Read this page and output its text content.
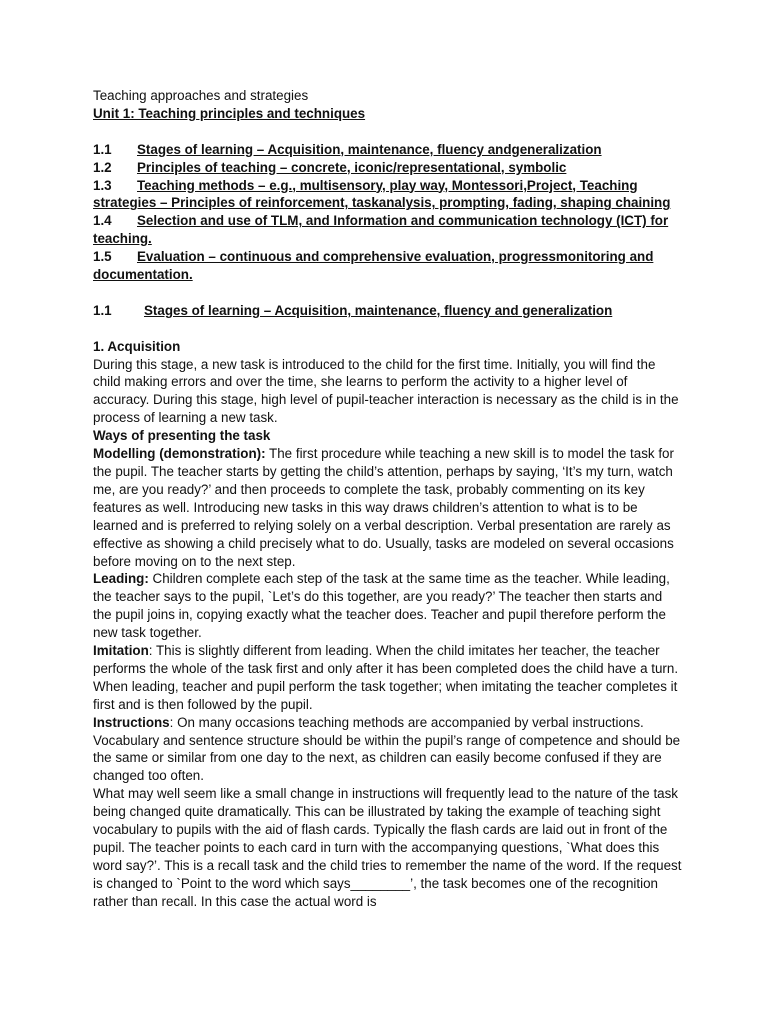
Teaching approaches and strategies

Unit 1: Teaching principles and techniques

1.1 Stages of learning – Acquisition, maintenance, fluency andgeneralization

1.2 Principles of teaching – concrete, iconic/representational, symbolic

1.3 Teaching methods – e.g., multisensory, play way, Montessori,Project, Teaching strategies – Principles of reinforcement, taskanalysis, prompting, fading, shaping chaining

1.4 Selection and use of TLM, and Information and communication technology (ICT) for teaching.

1.5 Evaluation – continuous and comprehensive evaluation, progressmonitoring and documentation.

1.1 Stages of learning – Acquisition, maintenance, fluency and generalization

1. Acquisition

During this stage, a new task is introduced to the child for the first time. Initially, you will find the child making errors and over the time, she learns to perform the activity to a higher level of accuracy. During this stage, high level of pupil-teacher interaction is necessary as the child is in the process of learning a new task.

Ways of presenting the task

Modelling (demonstration): The first procedure while teaching a new skill is to model the task for the pupil. The teacher starts by getting the child’s attention, perhaps by saying, ‘It’s my turn, watch me, are you ready?’ and then proceeds to complete the task, probably commenting on its key features as well. Introducing new tasks in this way draws children’s attention to what is to be learned and is preferred to relying solely on a verbal description. Verbal presentation are rarely as effective as showing a child precisely what to do. Usually, tasks are modeled on several occasions before moving on to the next step.

Leading: Children complete each step of the task at the same time as the teacher. While leading, the teacher says to the pupil, `Let’s do this together, are you ready?’ The teacher then starts and the pupil joins in, copying exactly what the teacher does. Teacher and pupil therefore perform the new task together.

Imitation: This is slightly different from leading. When the child imitates her teacher, the teacher performs the whole of the task first and only after it has been completed does the child have a turn. When leading, teacher and pupil perform the task together; when imitating the teacher completes it first and is then followed by the pupil.

Instructions: On many occasions teaching methods are accompanied by verbal instructions. Vocabulary and sentence structure should be within the pupil’s range of competence and should be the same or similar from one day to the next, as children can easily become confused if they are changed too often.

What may well seem like a small change in instructions will frequently lead to the nature of the task being changed quite dramatically. This can be illustrated by taking the example of teaching sight vocabulary to pupils with the aid of flash cards. Typically the flash cards are laid out in front of the pupil. The teacher points to each card in turn with the accompanying questions, `What does this word say?’. This is a recall task and the child tries to remember the name of the word. If the request is changed to `Point to the word which says________’, the task becomes one of the recognition rather than recall. In this case the actual word is
